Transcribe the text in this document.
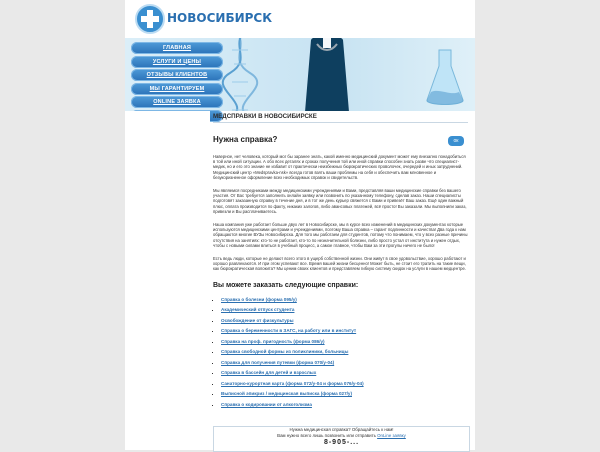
НОВОСИБИРСК
ГЛАВНАЯ
УСЛУГИ И ЦЕНЫ
ОТЗЫВЫ КЛИЕНТОВ
МЫ ГАРАНТИРУЕМ
ONLINE ЗАЯВКА
МЕДСПРАВКИ В НОВОСИБИРСКЕ
ок
Нужна справка?

Наверное, нет человека, который мог бы заранее знать, какой именно медицинский документ может ему внезапно понадобиться в той или иной ситуации. А обо всех деталях и сроках получения той или иной справки способен знать разве что специалист-медик, но и его это знание не избавит от практически неизбежных бюрократических проволочек, очередей и иных затруднений. Медицинский центр «Medspravka-nsk» всегда готов взять ваши проблемы на себя и обеспечить вам мгновенное и безукоризненное оформление всех необходимых справок и свидетельств.

Мы являемся посредниками между медицинскими учреждениями и Вами, представляя ваши медицинские справки без вашего участия. От Вас требуется заполнить онлайн заявку или позвонить по указанному телефону, сделав заказ. Наши специалисты подготовят заказанную справку в течение дня, и в тот же день курьер свяжется с Вами и привезёт Ваш заказ. Ещё один важный плюс, оплата производится по факту, никаких залогов, либо авансовых платежей, всё просто! Вы заказали. Мы выполнили заказ, привезли и Вы расплачиваетесь.

Наша компания уже работает больше двух лет в Новосибирске, мы в курсе всех изменений в медицинских документах которые используются медицинскими центрами и учреждениями, поэтому Ваша справка – гарант подлинности и качества! Два года к нам обращаются многие ВУЗы Новосибирска. Для того мы работаем для студентов, потому что понимаем, что у всех разные причины отсутствия на занятиях: кто-то не работает, кто-то по незначительной болезни, либо просто устал от института и нужен отдых, чтобы с новыми силами влиться в учебный процесс, а самое главное, чтобы Вам за эти прогулы ничего не было!

Есть ведь люди, которые не делают всего этого в ущерб собственной жизни. Они живут в свое удовольствие, хорошо работают и хорошо развлекаются. И при этом успевают все. Время вашей жизни бесценно! Может быть, не стоит его тратить на такие вещи, как бюрократическая волокита? Мы ценим своих клиентов и представляем гибкую систему скидок на услуги в нашем медцентре.

Вы можете заказать следующие справки:
▪ Справка о болезни (форма 095/у)
▪ Академический отпуск студента
▪ Освобождение от физкультуры
▪ Справка о беременности в ЗАГС, на работу или в институт
▪ Справка на проф. пригодность (форма 086/у)
▪ Справка свободной формы из поликлиники, больницы
▪ Справка для получения путевки (форма 070/у-04)
▪ Справка в бассейн для детей и взрослых
▪ Санаторно-курортная карта (форма 072/у-04 и форма 076/у-04)
▪ Выписной эпикриз / медицинская выписка (форма 027/у)
▪ Справка о кодировании от алкоголизма
Нужна медицинская справка? Обращайтесь к нам!
Вам нужно всего лишь позвонить или отправить OnLine заявку
8-905-...
